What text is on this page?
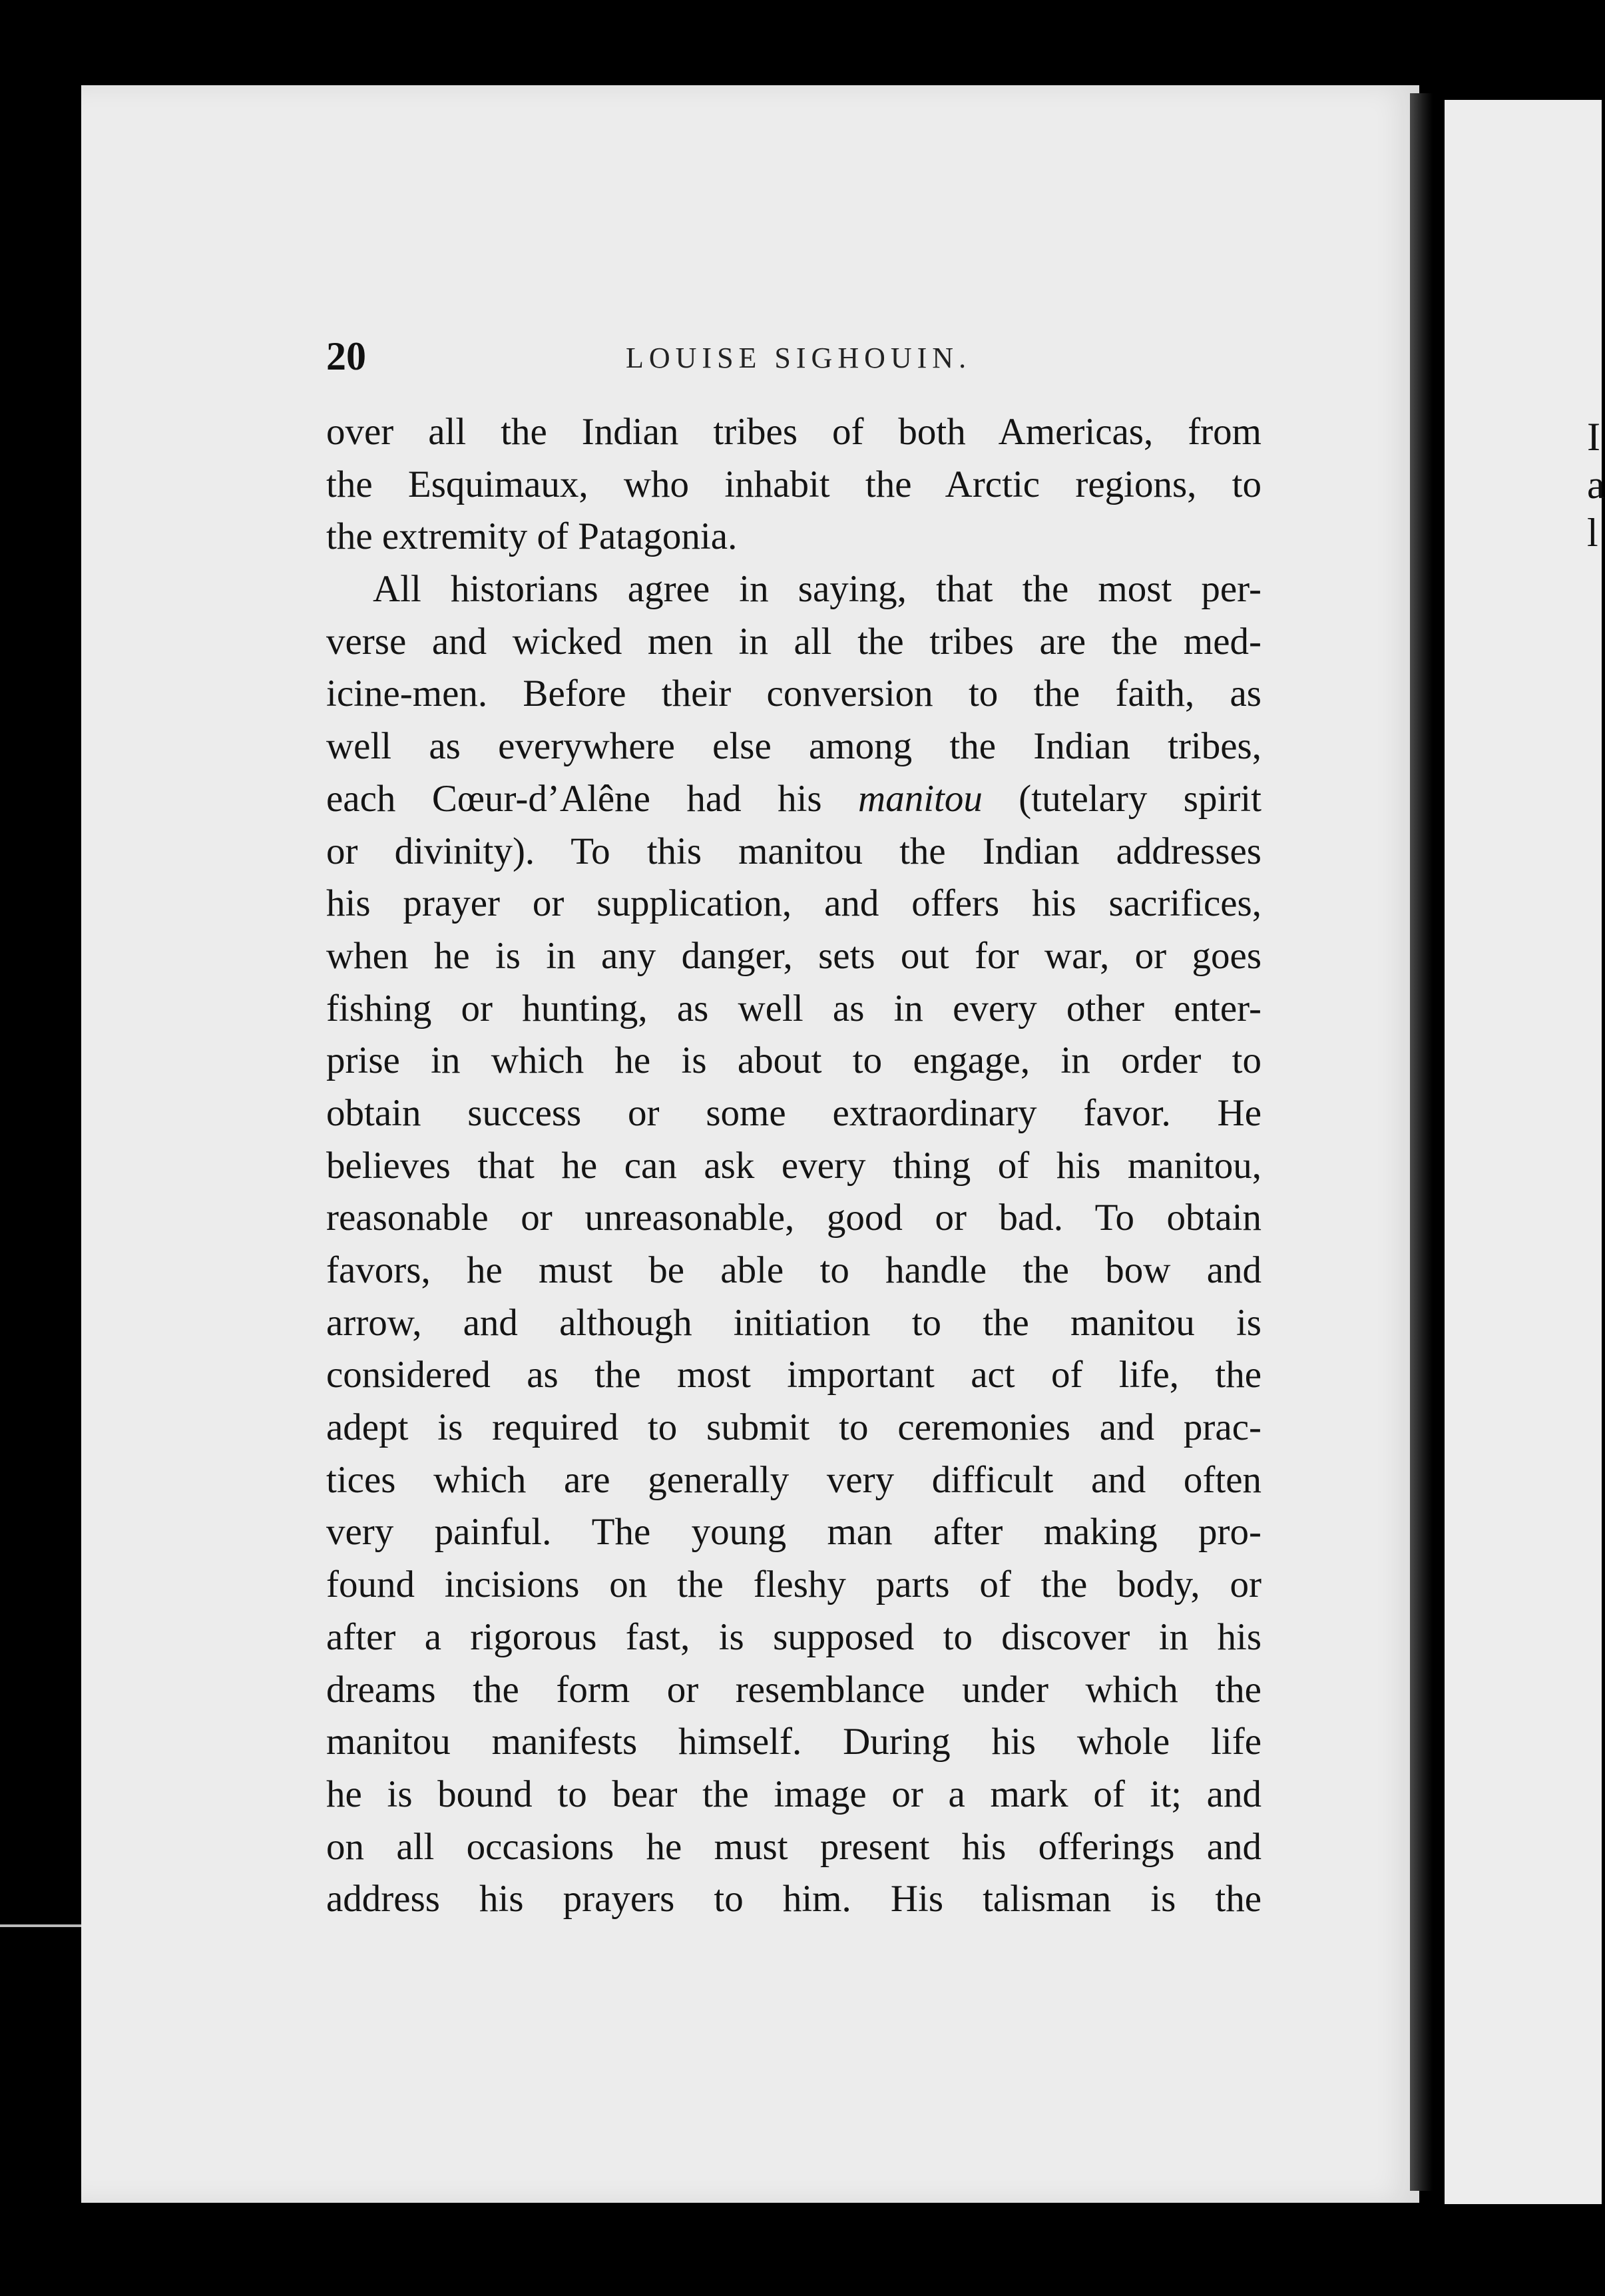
I
a
l
20	LOUISE SIGHOUIN.
over all the Indian tribes of both Americas, from
the Esquimaux, who inhabit the Arctic regions, to
the extremity of Patagonia.
All historians agree in saying, that the most per-
verse and wicked men in all the tribes are the med-
icine-men. Before their conversion to the faith, as
well as everywhere else among the Indian tribes,
each Cœur-d’Alêne had his manitou (tutelary spirit
or divinity). To this manitou the Indian addresses
his prayer or supplication, and offers his sacrifices,
when he is in any danger, sets out for war, or goes
fishing or hunting, as well as in every other enter-
prise in which he is about to engage, in order to
obtain success or some extraordinary favor. He
believes that he can ask every thing of his manitou,
reasonable or unreasonable, good or bad. To obtain
favors, he must be able to handle the bow and
arrow, and although initiation to the manitou is
considered as the most important act of life, the
adept is required to submit to ceremonies and prac-
tices which are generally very difficult and often
very painful. The young man after making pro-
found incisions on the fleshy parts of the body, or
after a rigorous fast, is supposed to discover in his
dreams the form or resemblance under which the
manitou manifests himself. During his whole life
he is bound to bear the image or a mark of it; and
on all occasions he must present his offerings and
address his prayers to him. His talisman is the
